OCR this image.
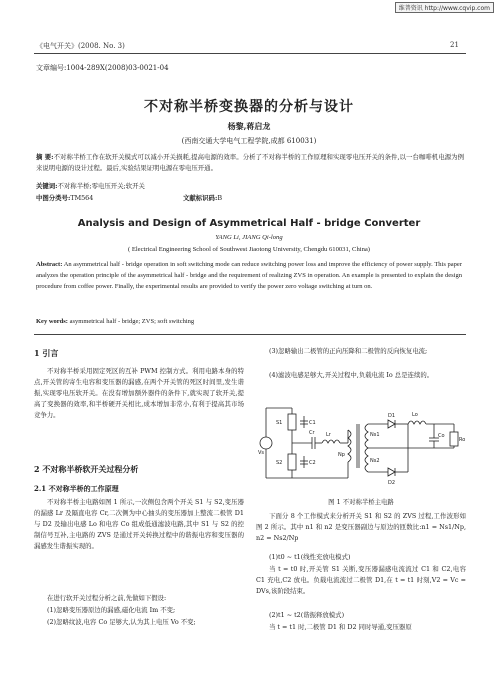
维普资讯 http://www.cqvip.com
《电气开关》(2008. No. 3)	21
文章编号:1004-289X(2008)03-0021-04
不对称半桥变换器的分析与设计
杨黎,蒋启龙
(西南交通大学电气工程学院,成都 610031)
摘 要:不对称半桥工作在软开关模式可以减小开关损耗,提高电源的效率。分析了不对称半桥的工作原理和实现零电压开关的条件,以一台咖啡机电源为例来说明电源的设计过程。最后,实验结果证明电源在零电压开通。
关键词:不对称半桥;零电压开关;软开关
中图分类号:TM564	文献标识码:B
Analysis and Design of Asymmetrical Half - bridge Converter
YANG Li, JIANG Qi-long
( Electrical Engineering School of Southwest Jiaotong University, Chengdu 610031, China)
Abstract: An asymmetrical half - bridge operation in soft switching mode can reduce switching power loss and improve the efficiency of power supply. This paper analyzes the operation principle of the asymmetrical half - bridge and the requirement of realizing ZVS in operation. An example is presented to explain the design procedure from coffee power. Finally, the experimental results are provided to verify the power zero voltage switching at turn on.
Key words: asymmetrical half - bridge; ZVS; soft switching
1 引言
不对称半桥采用固定死区的互补 PWM 控制方式。利用电路本身的特点,开关管的寄生电容和变压器的漏感,在两个开关管的死区时间里,发生谐振,实现零电压软开关。在没有增加额外器件的条件下,就实现了软开关,提高了变换器的效率,和半桥硬开关相比,成本增加非常小,有利于提高其市场竞争力。
2 不对称半桥软开关过程分析
2.1 不对称半桥的工作原理
不对称半桥主电路如图 1 所示,一次侧包含两个开关 S1 与 S2,变压器的漏感 Lr 及隔直电容 Cr,二次侧为中心抽头的变压器加上整流二极管 D1 与 D2 及输出电感 Lo 和电容 Co 组成低通滤波电路,其中 S1 与 S2 的控制信号互补,主电路的 ZVS 是通过开关转换过程中的谐振电容和变压器的漏感发生谐振实现的。
在进行软开关过程分析之前,先做如下假设:
(1)忽略变压器原边的漏感,磁化电流 Im 不变;
(2)忽略纹波,电容 Co 足够大,认为其上电压 Vo 不变;
(3)忽略输出二极管的正向压降和二极管的反向恢复电流;
(4)滤波电感足够大,开关过程中,负载电流 Io 总是连续的。
S1
S2
C1
C2
Cr Lr
Vs	Np
Ns1
Ns2
D1
D2
Lo
Co
Ro
图 1 不对称半桥主电路
下面分 8 个工作模式来分析开关 S1 和 S2 的 ZVS 过程,工作波形如图 2 所示。其中 n1 和 n2 是变压器副边与原边的匝数比:n1 = Ns1/Np, n2 = Ns2/Np
(1)t0 ~ t1(线性充放电模式)
当 t = t0 时,开关管 S1 关断,变压器漏感电流流过 C1 和 C2,电容 C1 充电,C2 放电。负载电流流过二极管 D1,在 t = t1 时刻,V2 = Vc = DVs,该阶段结束。
(2)t1 ~ t2(谐振释放模式)
当 t = t1 时,二极管 D1 和 D2 同时导通,变压器原
